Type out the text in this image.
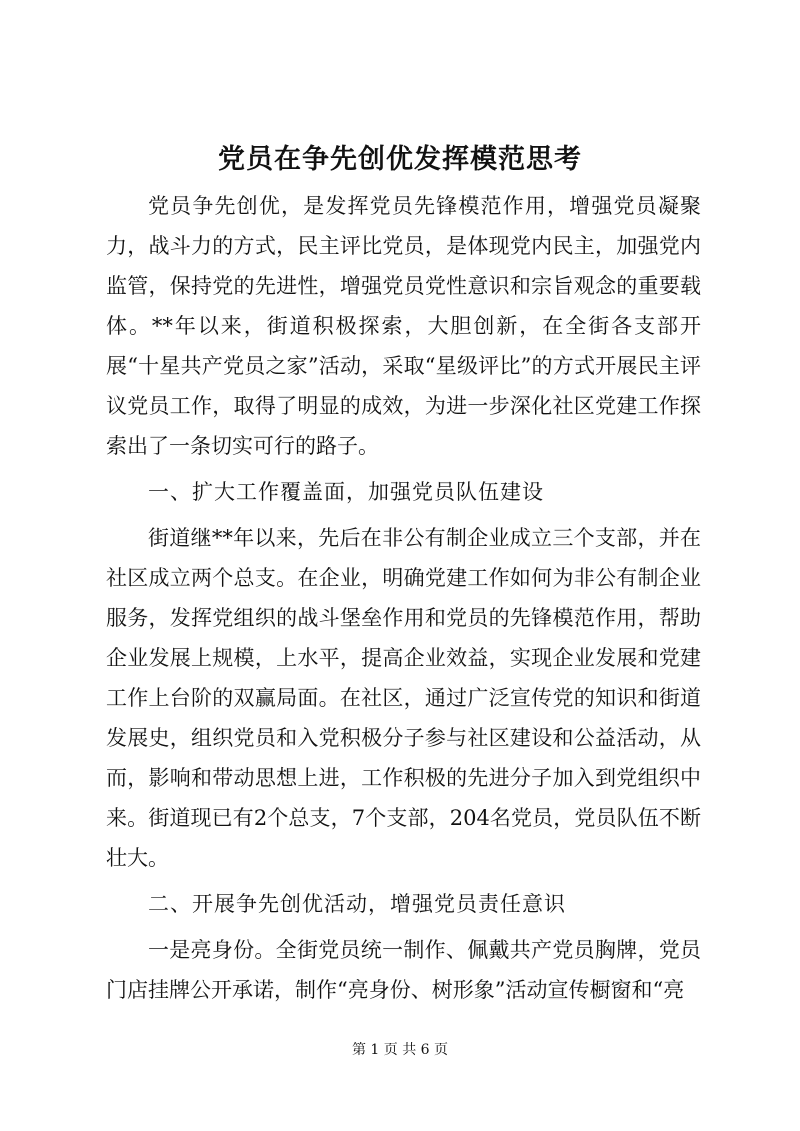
党员在争先创优发挥模范思考

党员争先创优，是发挥党员先锋模范作用，增强党员凝聚力，战斗力的方式，民主评比党员，是体现党内民主，加强党内监管，保持党的先进性，增强党员党性意识和宗旨观念的重要载体。**年以来，街道积极探索，大胆创新，在全街各支部开展“十星共产党员之家”活动，采取“星级评比”的方式开展民主评议党员工作，取得了明显的成效，为进一步深化社区党建工作探索出了一条切实可行的路子。

一、扩大工作覆盖面，加强党员队伍建设

街道继**年以来，先后在非公有制企业成立三个支部，并在社区成立两个总支。在企业，明确党建工作如何为非公有制企业服务，发挥党组织的战斗堡垒作用和党员的先锋模范作用，帮助企业发展上规模，上水平，提高企业效益，实现企业发展和党建工作上台阶的双赢局面。在社区，通过广泛宣传党的知识和街道发展史，组织党员和入党积极分子参与社区建设和公益活动，从而，影响和带动思想上进，工作积极的先进分子加入到党组织中来。街道现已有2个总支，7个支部，204名党员，党员队伍不断壮大。

二、开展争先创优活动，增强党员责任意识

一是亮身份。全街党员统一制作、佩戴共产党员胸牌，党员门店挂牌公开承诺，制作“亮身份、树形象”活动宣传橱窗和“亮

第 1 页 共 6 页
